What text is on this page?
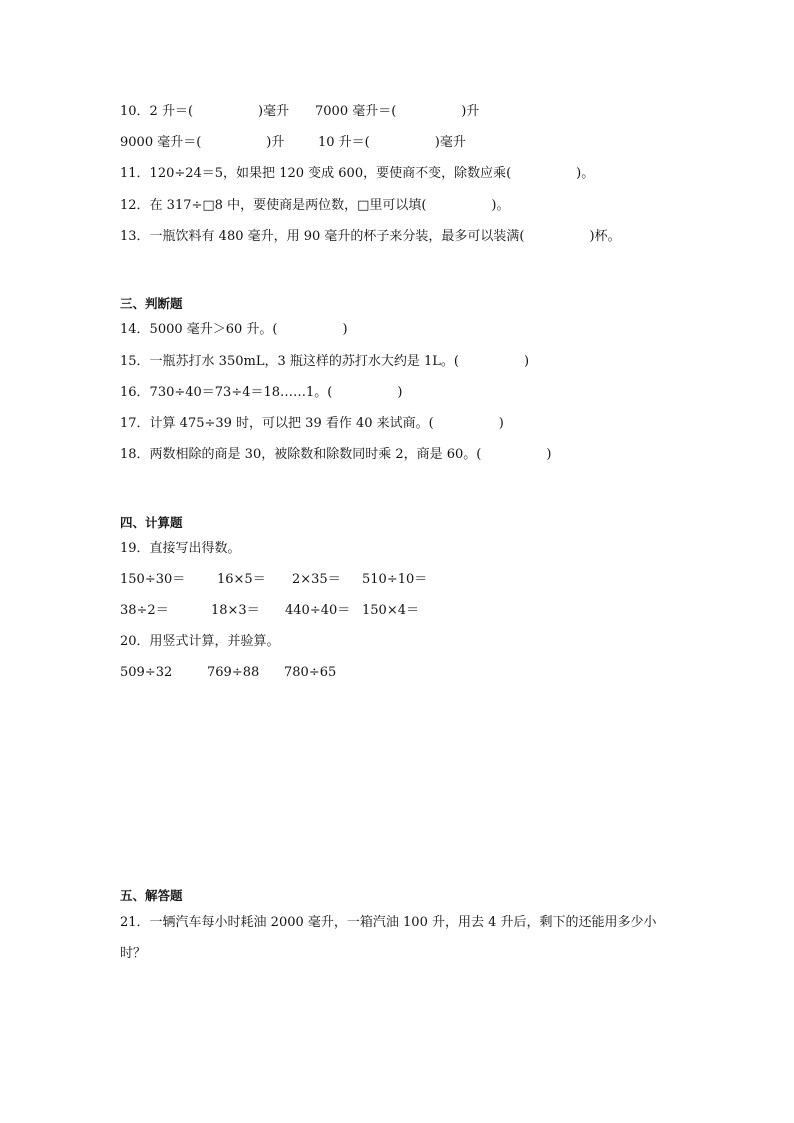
10．2 升＝(　　　　　)毫升 7000 毫升＝(　　　　　)升
9000 毫升＝(　　　　　)升	10 升＝(　　　　　)毫升
11．120÷24＝5，如果把 120 变成 600，要使商不变，除数应乘(　　　　　)。
12．在 317÷□8 中，要使商是两位数，□里可以填(　　　　　)。
13．一瓶饮料有 480 毫升，用 90 毫升的杯子来分装，最多可以装满(　　　　　)杯。
三、判断题
14．5000 毫升＞60 升。(　　　　　)
15．一瓶苏打水 350mL，3 瓶这样的苏打水大约是 1L。(　　　　　)
16．730÷40＝73÷4＝18……1。(　　　　　)
17．计算 475÷39 时，可以把 39 看作 40 来试商。(　　　　　)
18．两数相除的商是 30，被除数和除数同时乘 2，商是 60。(　　　　　)
四、计算题
19．直接写出得数。
150÷30＝ 16×5＝ 2×35＝ 510÷10＝
38÷2＝	18×3＝ 440÷40＝ 150×4＝
20．用竖式计算，并验算。
509÷32	769÷88 780÷65
五、解答题
21．一辆汽车每小时耗油 2000 毫升，一箱汽油 100 升，用去 4 升后，剩下的还能用多少小
时？
